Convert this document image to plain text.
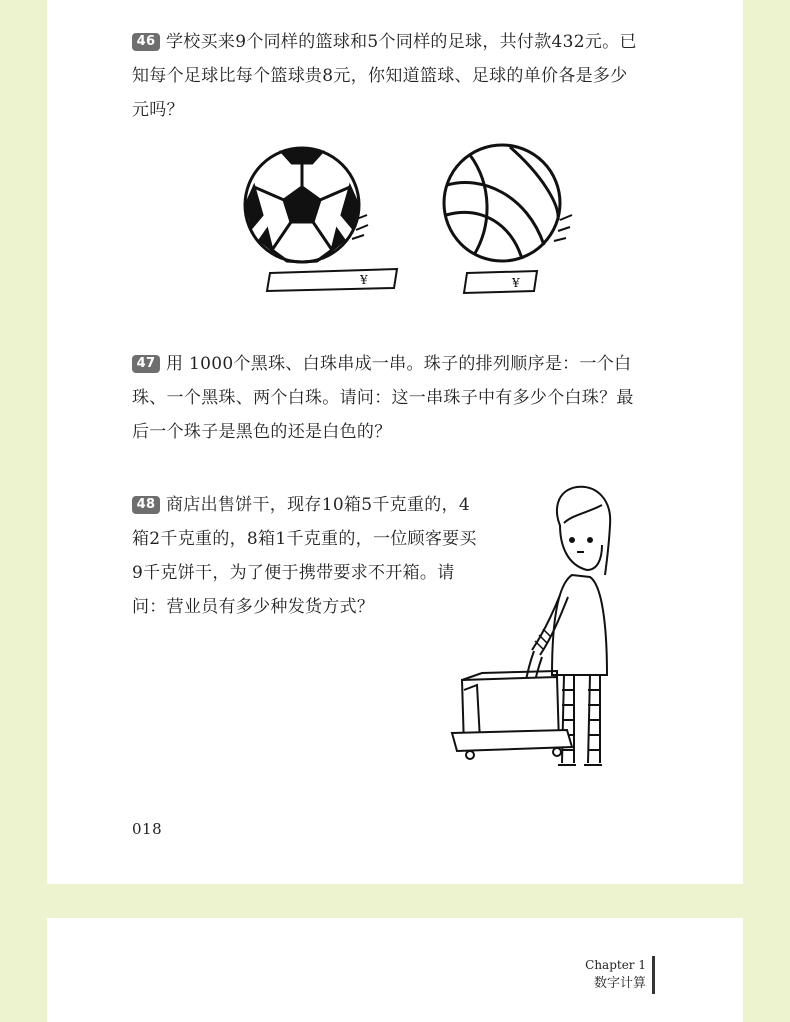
46 学校买来9个同样的篮球和5个同样的足球，共付款432元。已知每个足球比每个篮球贵8元，你知道篮球、足球的单价各是多少元吗？
¥	¥
47 用 1000个黑珠、白珠串成一串。珠子的排列顺序是：一个白珠、一个黑珠、两个白珠。请问：这一串珠子中有多少个白珠？最后一个珠子是黑色的还是白色的？
48 商店出售饼干，现存10箱5千克重的，4箱2千克重的，8箱1千克重的，一位顾客要买9千克饼干，为了便于携带要求不开箱。请问：营业员有多少种发货方式？
018
Chapter 1
数字计算
